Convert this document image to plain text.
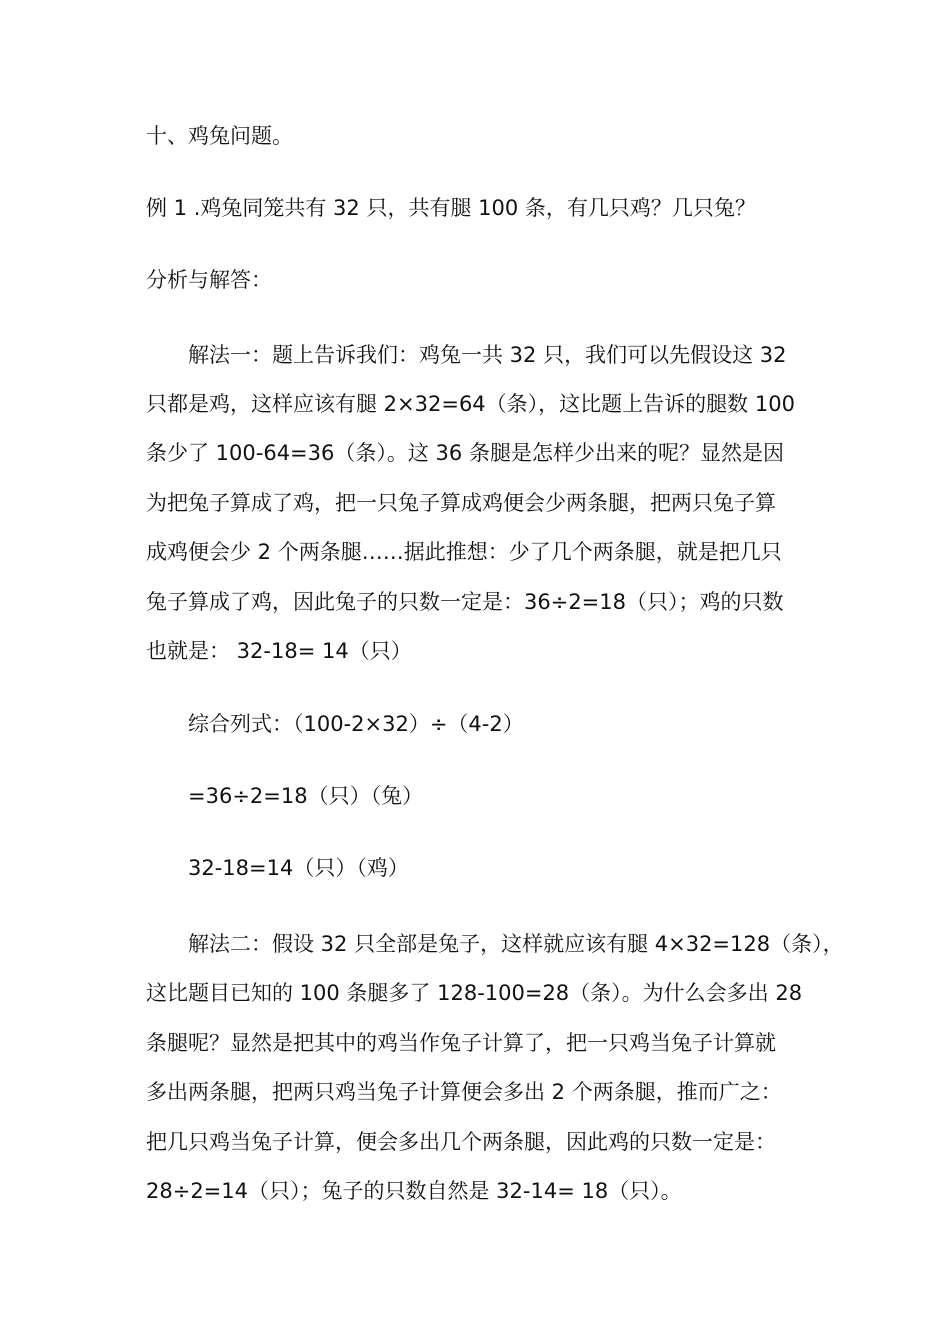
十、鸡兔问题。
例 1 .鸡兔同笼共有 32 只，共有腿 100 条，有几只鸡？几只兔？
分析与解答：
解法一：题上告诉我们：鸡兔一共 32 只，我们可以先假设这 32
只都是鸡，这样应该有腿 2×32=64（条），这比题上告诉的腿数 100
条少了 100-64=36（条）。这 36 条腿是怎样少出来的呢？显然是因
为把兔子算成了鸡，把一只兔子算成鸡便会少两条腿，把两只兔子算
成鸡便会少 2 个两条腿……据此推想：少了几个两条腿，就是把几只
兔子算成了鸡，因此兔子的只数一定是：36÷2=18（只）；鸡的只数
也就是： 32-18= 14（只）
综合列式：（100-2×32）÷（4-2）
=36÷2=18（只）（兔）
32-18=14（只）（鸡）
解法二：假设 32 只全部是兔子，这样就应该有腿 4×32=128（条），
这比题目已知的 100 条腿多了 128-100=28（条）。为什么会多出 28
条腿呢？显然是把其中的鸡当作兔子计算了，把一只鸡当兔子计算就
多出两条腿，把两只鸡当兔子计算便会多出 2 个两条腿，推而广之：
把几只鸡当兔子计算，便会多出几个两条腿，因此鸡的只数一定是：
28÷2=14（只）；兔子的只数自然是 32-14= 18（只）。
